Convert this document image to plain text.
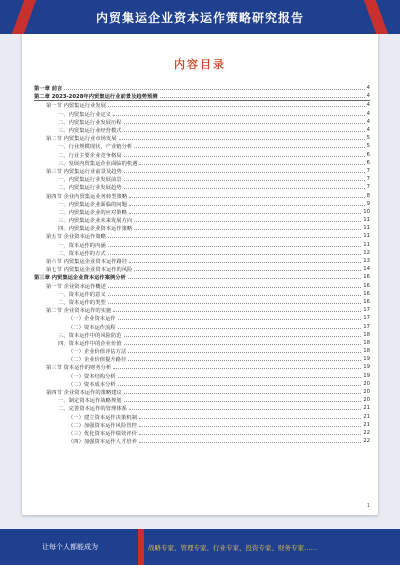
内贸集运企业资本运作策略研究报告
内容目录
第一章 前言	4
第二章 2023-2028年内贸集运行业前景及趋势预测	4
第一节 内贸集运行业发展	4
一、内贸集运行业定义	4
二、内贸集运行业发展历程	4
三、内贸集运行业经营模式	4
第二节 内贸集运行业市场发展	5
一、行业规模现状，产业链分析	5
二、行业主要企业竞争格局	6
三、发展内贸集运企业面临的机遇	6
第三节 内贸集运行业前景及趋势	7
一、内贸集运行业发展前景	7
二、内贸集运行业发展趋势	7
第四节 企业内贸集运业务转型策略	8
一、内贸集运企业面临的问题	9
二、内贸集运企业的应对策略	10
三、内贸集运企业未来发展方向	11
四、内贸集运企业资本运作策略	11
第五节 企业资本运作策略	11
一、资本运作的内涵	11
二、资本运作的方式	12
第六节 内贸集运企业资本运作路径	13
第七节 内贸集运企业资本运作的风险	14
第三章 内贸集运企业资本运作案例分析	16
第一节 企业资本运作概述	16
一、资本运作的意义	16
二、资本运作的类型	16
第二节 企业资本运作的实施	17
（一）企业资本运作	17
（二）资本运作流程	17
三、资本运作中的风险防范	18
四、资本运作中的企业价值	18
（一）企业价值评估方法	18
（二）企业价值提升路径	19
第三节 资本运作的财务分析	19
（一）资本结构分析	19
（二）资本成本分析	20
第四节 企业资本运作的策略建议	20
一、制定资本运作战略规划	20
二、完善资本运作的管理体系	21
（一）建立资本运作决策机制	21
（二）加强资本运作风险管控	21
（三）优化资本运作绩效评价	22
（四）加强资本运作人才培养	22
1
让每个人都能成为	战略专家、管理专家、行业专家、投资专家、财务专家……
